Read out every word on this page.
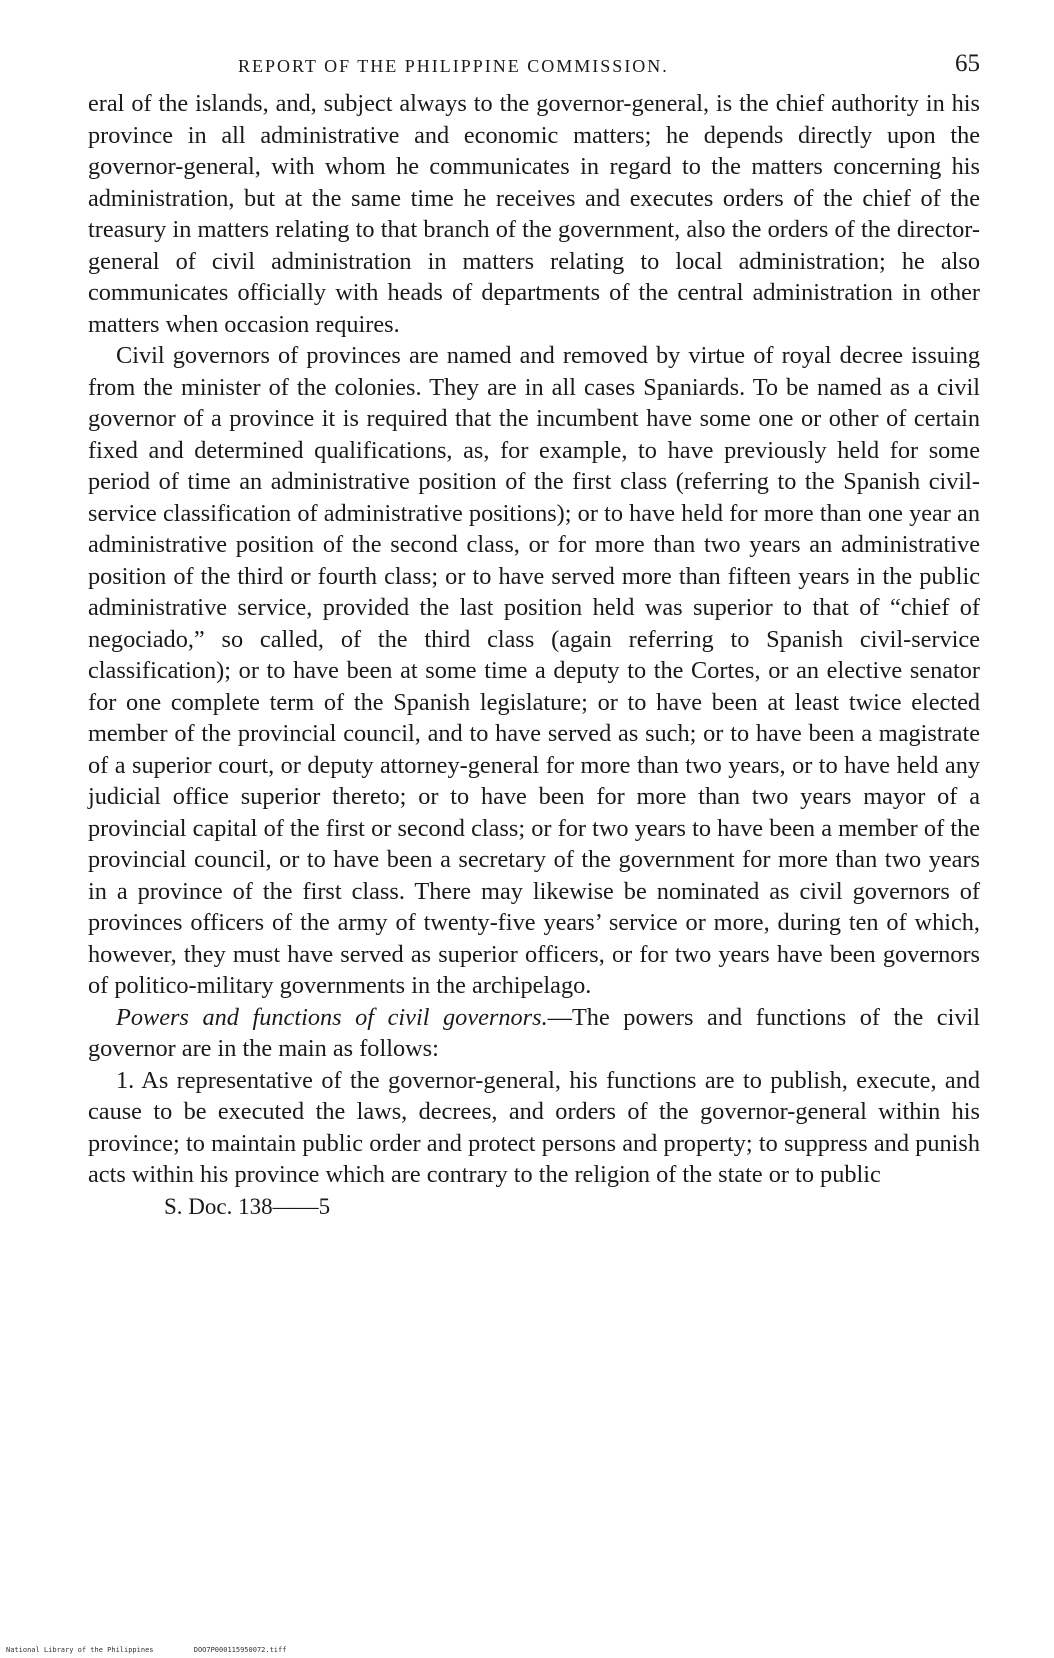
REPORT OF THE PHILIPPINE COMMISSION.	65

eral of the islands, and, subject always to the governor-general, is the chief authority in his province in all administrative and economic matters; he depends directly upon the governor-general, with whom he communicates in regard to the matters concerning his administration, but at the same time he receives and executes orders of the chief of the treasury in matters relating to that branch of the government, also the orders of the director-general of civil administration in matters relating to local administration; he also communicates officially with heads of departments of the central administration in other matters when occasion requires.

Civil governors of provinces are named and removed by virtue of royal decree issuing from the minister of the colonies. They are in all cases Spaniards. To be named as a civil governor of a province it is required that the incumbent have some one or other of certain fixed and determined qualifications, as, for example, to have previously held for some period of time an administrative position of the first class (referring to the Spanish civil-service classification of administrative positions); or to have held for more than one year an administrative position of the second class, or for more than two years an administrative position of the third or fourth class; or to have served more than fifteen years in the public administrative service, provided the last position held was superior to that of “chief of negociado,” so called, of the third class (again referring to Spanish civil-service classification); or to have been at some time a deputy to the Cortes, or an elective senator for one complete term of the Spanish legislature; or to have been at least twice elected member of the provincial council, and to have served as such; or to have been a magistrate of a superior court, or deputy attorney-general for more than two years, or to have held any judicial office superior thereto; or to have been for more than two years mayor of a provincial capital of the first or second class; or for two years to have been a member of the provincial council, or to have been a secretary of the government for more than two years in a province of the first class. There may likewise be nominated as civil governors of provinces officers of the army of twenty-five years’ service or more, during ten of which, however, they must have served as superior officers, or for two years have been governors of politico-military governments in the archipelago.

Powers and functions of civil governors.—The powers and functions of the civil governor are in the main as follows:

1. As representative of the governor-general, his functions are to publish, execute, and cause to be executed the laws, decrees, and orders of the governor-general within his province; to maintain public order and protect persons and property; to suppress and punish acts within his province which are contrary to the religion of the state or to public

S. Doc. 138——5
National Library of the Philippines	DOO7P000115950072.tiff
